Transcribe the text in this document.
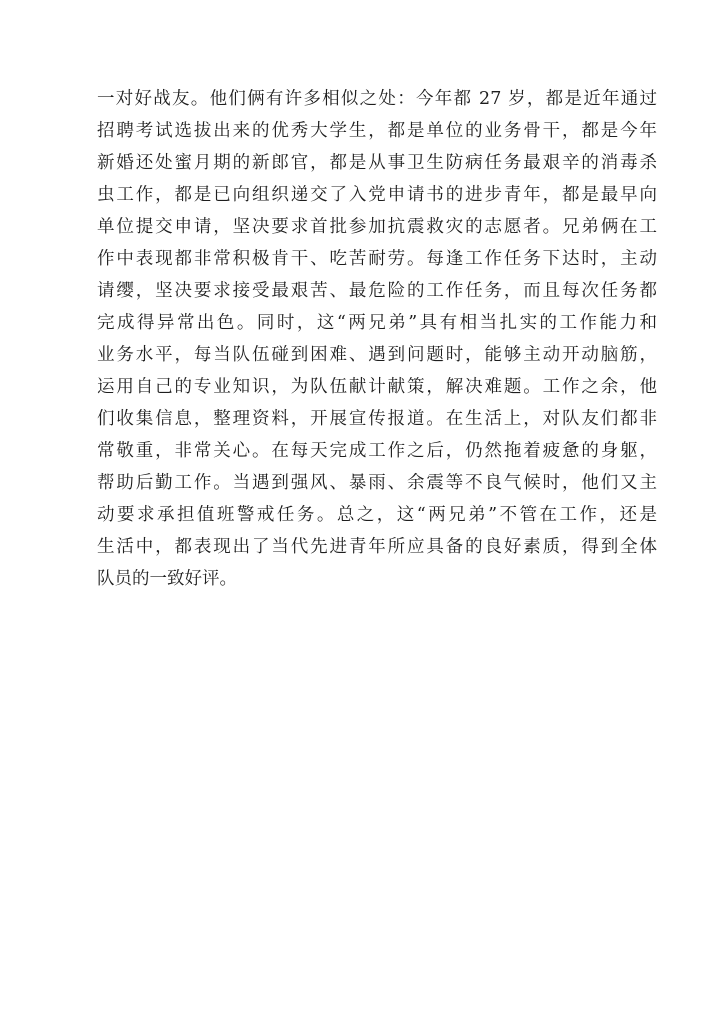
一对好战友。他们俩有许多相似之处：今年都 27 岁，都是近年通过
招聘考试选拔出来的优秀大学生，都是单位的业务骨干，都是今年
新婚还处蜜月期的新郎官，都是从事卫生防病任务最艰辛的消毒杀
虫工作，都是已向组织递交了入党申请书的进步青年，都是最早向
单位提交申请，坚决要求首批参加抗震救灾的志愿者。兄弟俩在工
作中表现都非常积极肯干、吃苦耐劳。每逢工作任务下达时，主动
请缨，坚决要求接受最艰苦、最危险的工作任务，而且每次任务都
完成得异常出色。同时，这“两兄弟”具有相当扎实的工作能力和
业务水平，每当队伍碰到困难、遇到问题时，能够主动开动脑筋，
运用自己的专业知识，为队伍献计献策，解决难题。工作之余，他
们收集信息，整理资料，开展宣传报道。在生活上，对队友们都非
常敬重，非常关心。在每天完成工作之后，仍然拖着疲惫的身躯，
帮助后勤工作。当遇到强风、暴雨、余震等不良气候时，他们又主
动要求承担值班警戒任务。总之，这“两兄弟”不管在工作，还是
生活中，都表现出了当代先进青年所应具备的良好素质，得到全体
队员的一致好评。
